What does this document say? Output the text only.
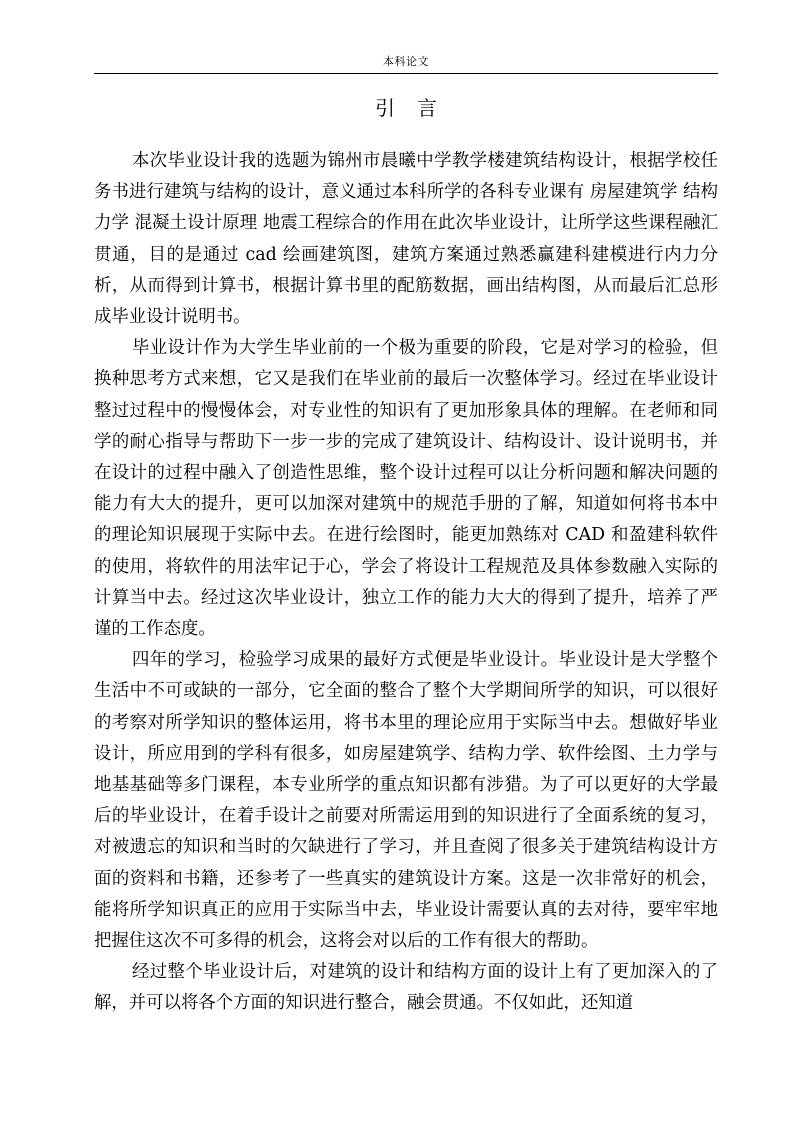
本科论文
引言

本次毕业设计我的选题为锦州市晨曦中学教学楼建筑结构设计，根据学校任务书进行建筑与结构的设计，意义通过本科所学的各科专业课有 房屋建筑学 结构力学 混凝土设计原理 地震工程综合的作用在此次毕业设计，让所学这些课程融汇贯通，目的是通过 cad 绘画建筑图，建筑方案通过熟悉赢建科建模进行内力分析，从而得到计算书，根据计算书里的配筋数据，画出结构图，从而最后汇总形成毕业设计说明书。

毕业设计作为大学生毕业前的一个极为重要的阶段，它是对学习的检验，但换种思考方式来想，它又是我们在毕业前的最后一次整体学习。经过在毕业设计整过过程中的慢慢体会，对专业性的知识有了更加形象具体的理解。在老师和同学的耐心指导与帮助下一步一步的完成了建筑设计、结构设计、设计说明书，并在设计的过程中融入了创造性思维，整个设计过程可以让分析问题和解决问题的能力有大大的提升，更可以加深对建筑中的规范手册的了解，知道如何将书本中的理论知识展现于实际中去。在进行绘图时，能更加熟练对 CAD 和盈建科软件的使用，将软件的用法牢记于心，学会了将设计工程规范及具体参数融入实际的计算当中去。经过这次毕业设计，独立工作的能力大大的得到了提升，培养了严谨的工作态度。

四年的学习，检验学习成果的最好方式便是毕业设计。毕业设计是大学整个生活中不可或缺的一部分，它全面的整合了整个大学期间所学的知识，可以很好的考察对所学知识的整体运用，将书本里的理论应用于实际当中去。想做好毕业设计，所应用到的学科有很多，如房屋建筑学、结构力学、软件绘图、土力学与地基基础等多门课程，本专业所学的重点知识都有涉猎。为了可以更好的大学最后的毕业设计，在着手设计之前要对所需运用到的知识进行了全面系统的复习，对被遗忘的知识和当时的欠缺进行了学习，并且查阅了很多关于建筑结构设计方面的资料和书籍，还参考了一些真实的建筑设计方案。这是一次非常好的机会，能将所学知识真正的应用于实际当中去，毕业设计需要认真的去对待，要牢牢地把握住这次不可多得的机会，这将会对以后的工作有很大的帮助。

经过整个毕业设计后，对建筑的设计和结构方面的设计上有了更加深入的了解，并可以将各个方面的知识进行整合，融会贯通。不仅如此，还知道
